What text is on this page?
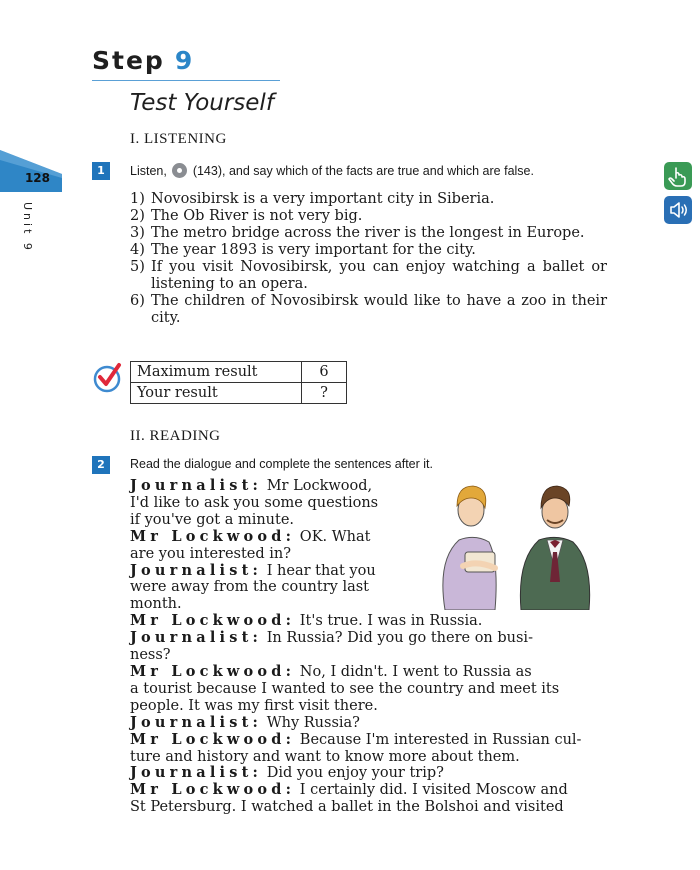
Step 9
Test Yourself
128
Unit 9
I. LISTENING
1	Listen, (143), and say which of the facts are true and which are false.
1) Novosibirsk is a very important city in Siberia.
2) The Ob River is not very big.
3) The metro bridge across the river is the longest in Europe.
4) The year 1893 is very important for the city.
5) If you visit Novosibirsk, you can enjoy watching a ballet or listening to an opera.
6) The children of Novosibirsk would like to have a zoo in their city.
Maximum result	6
Your result	?
II. READING
2	Read the dialogue and complete the sentences after it.
Journalist: Mr Lockwood,
I'd like to ask you some questions
if you've got a minute.
Mr Lockwood: OK. What
are you interested in?
Journalist: I hear that you
were away from the country last
month.
Mr Lockwood: It's true. I was in Russia.
Journalist: In Russia? Did you go there on busi-
ness?
Mr Lockwood: No, I didn't. I went to Russia as
a tourist because I wanted to see the country and meet its
people. It was my first visit there.
Journalist: Why Russia?
Mr Lockwood: Because I'm interested in Russian cul-
ture and history and want to know more about them.
Journalist: Did you enjoy your trip?
Mr Lockwood: I certainly did. I visited Moscow and
St Petersburg. I watched a ballet in the Bolshoi and visited
